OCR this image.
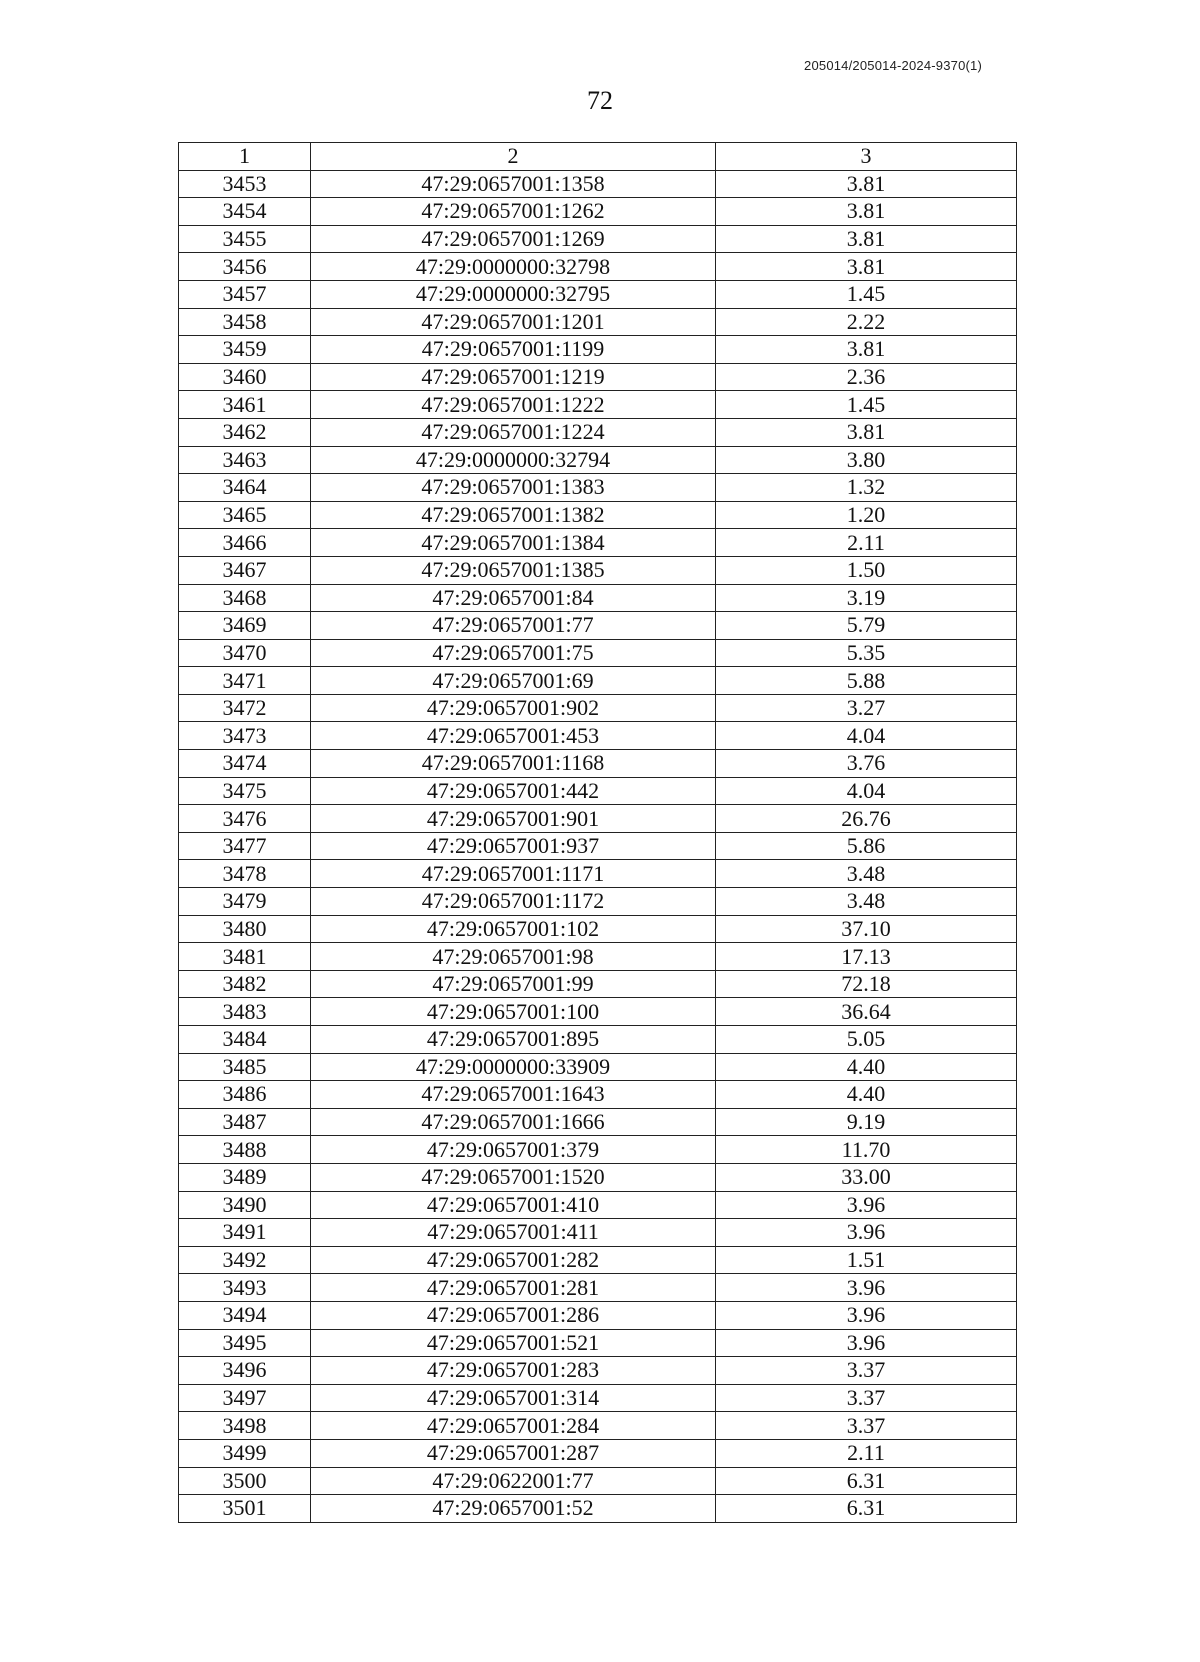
205014/205014-2024-9370(1)
72
1	2	3
3453	47:29:0657001:1358	3.81
3454	47:29:0657001:1262	3.81
3455	47:29:0657001:1269	3.81
3456	47:29:0000000:32798	3.81
3457	47:29:0000000:32795	1.45
3458	47:29:0657001:1201	2.22
3459	47:29:0657001:1199	3.81
3460	47:29:0657001:1219	2.36
3461	47:29:0657001:1222	1.45
3462	47:29:0657001:1224	3.81
3463	47:29:0000000:32794	3.80
3464	47:29:0657001:1383	1.32
3465	47:29:0657001:1382	1.20
3466	47:29:0657001:1384	2.11
3467	47:29:0657001:1385	1.50
3468	47:29:0657001:84	3.19
3469	47:29:0657001:77	5.79
3470	47:29:0657001:75	5.35
3471	47:29:0657001:69	5.88
3472	47:29:0657001:902	3.27
3473	47:29:0657001:453	4.04
3474	47:29:0657001:1168	3.76
3475	47:29:0657001:442	4.04
3476	47:29:0657001:901	26.76
3477	47:29:0657001:937	5.86
3478	47:29:0657001:1171	3.48
3479	47:29:0657001:1172	3.48
3480	47:29:0657001:102	37.10
3481	47:29:0657001:98	17.13
3482	47:29:0657001:99	72.18
3483	47:29:0657001:100	36.64
3484	47:29:0657001:895	5.05
3485	47:29:0000000:33909	4.40
3486	47:29:0657001:1643	4.40
3487	47:29:0657001:1666	9.19
3488	47:29:0657001:379	11.70
3489	47:29:0657001:1520	33.00
3490	47:29:0657001:410	3.96
3491	47:29:0657001:411	3.96
3492	47:29:0657001:282	1.51
3493	47:29:0657001:281	3.96
3494	47:29:0657001:286	3.96
3495	47:29:0657001:521	3.96
3496	47:29:0657001:283	3.37
3497	47:29:0657001:314	3.37
3498	47:29:0657001:284	3.37
3499	47:29:0657001:287	2.11
3500	47:29:0622001:77	6.31
3501	47:29:0657001:52	6.31
